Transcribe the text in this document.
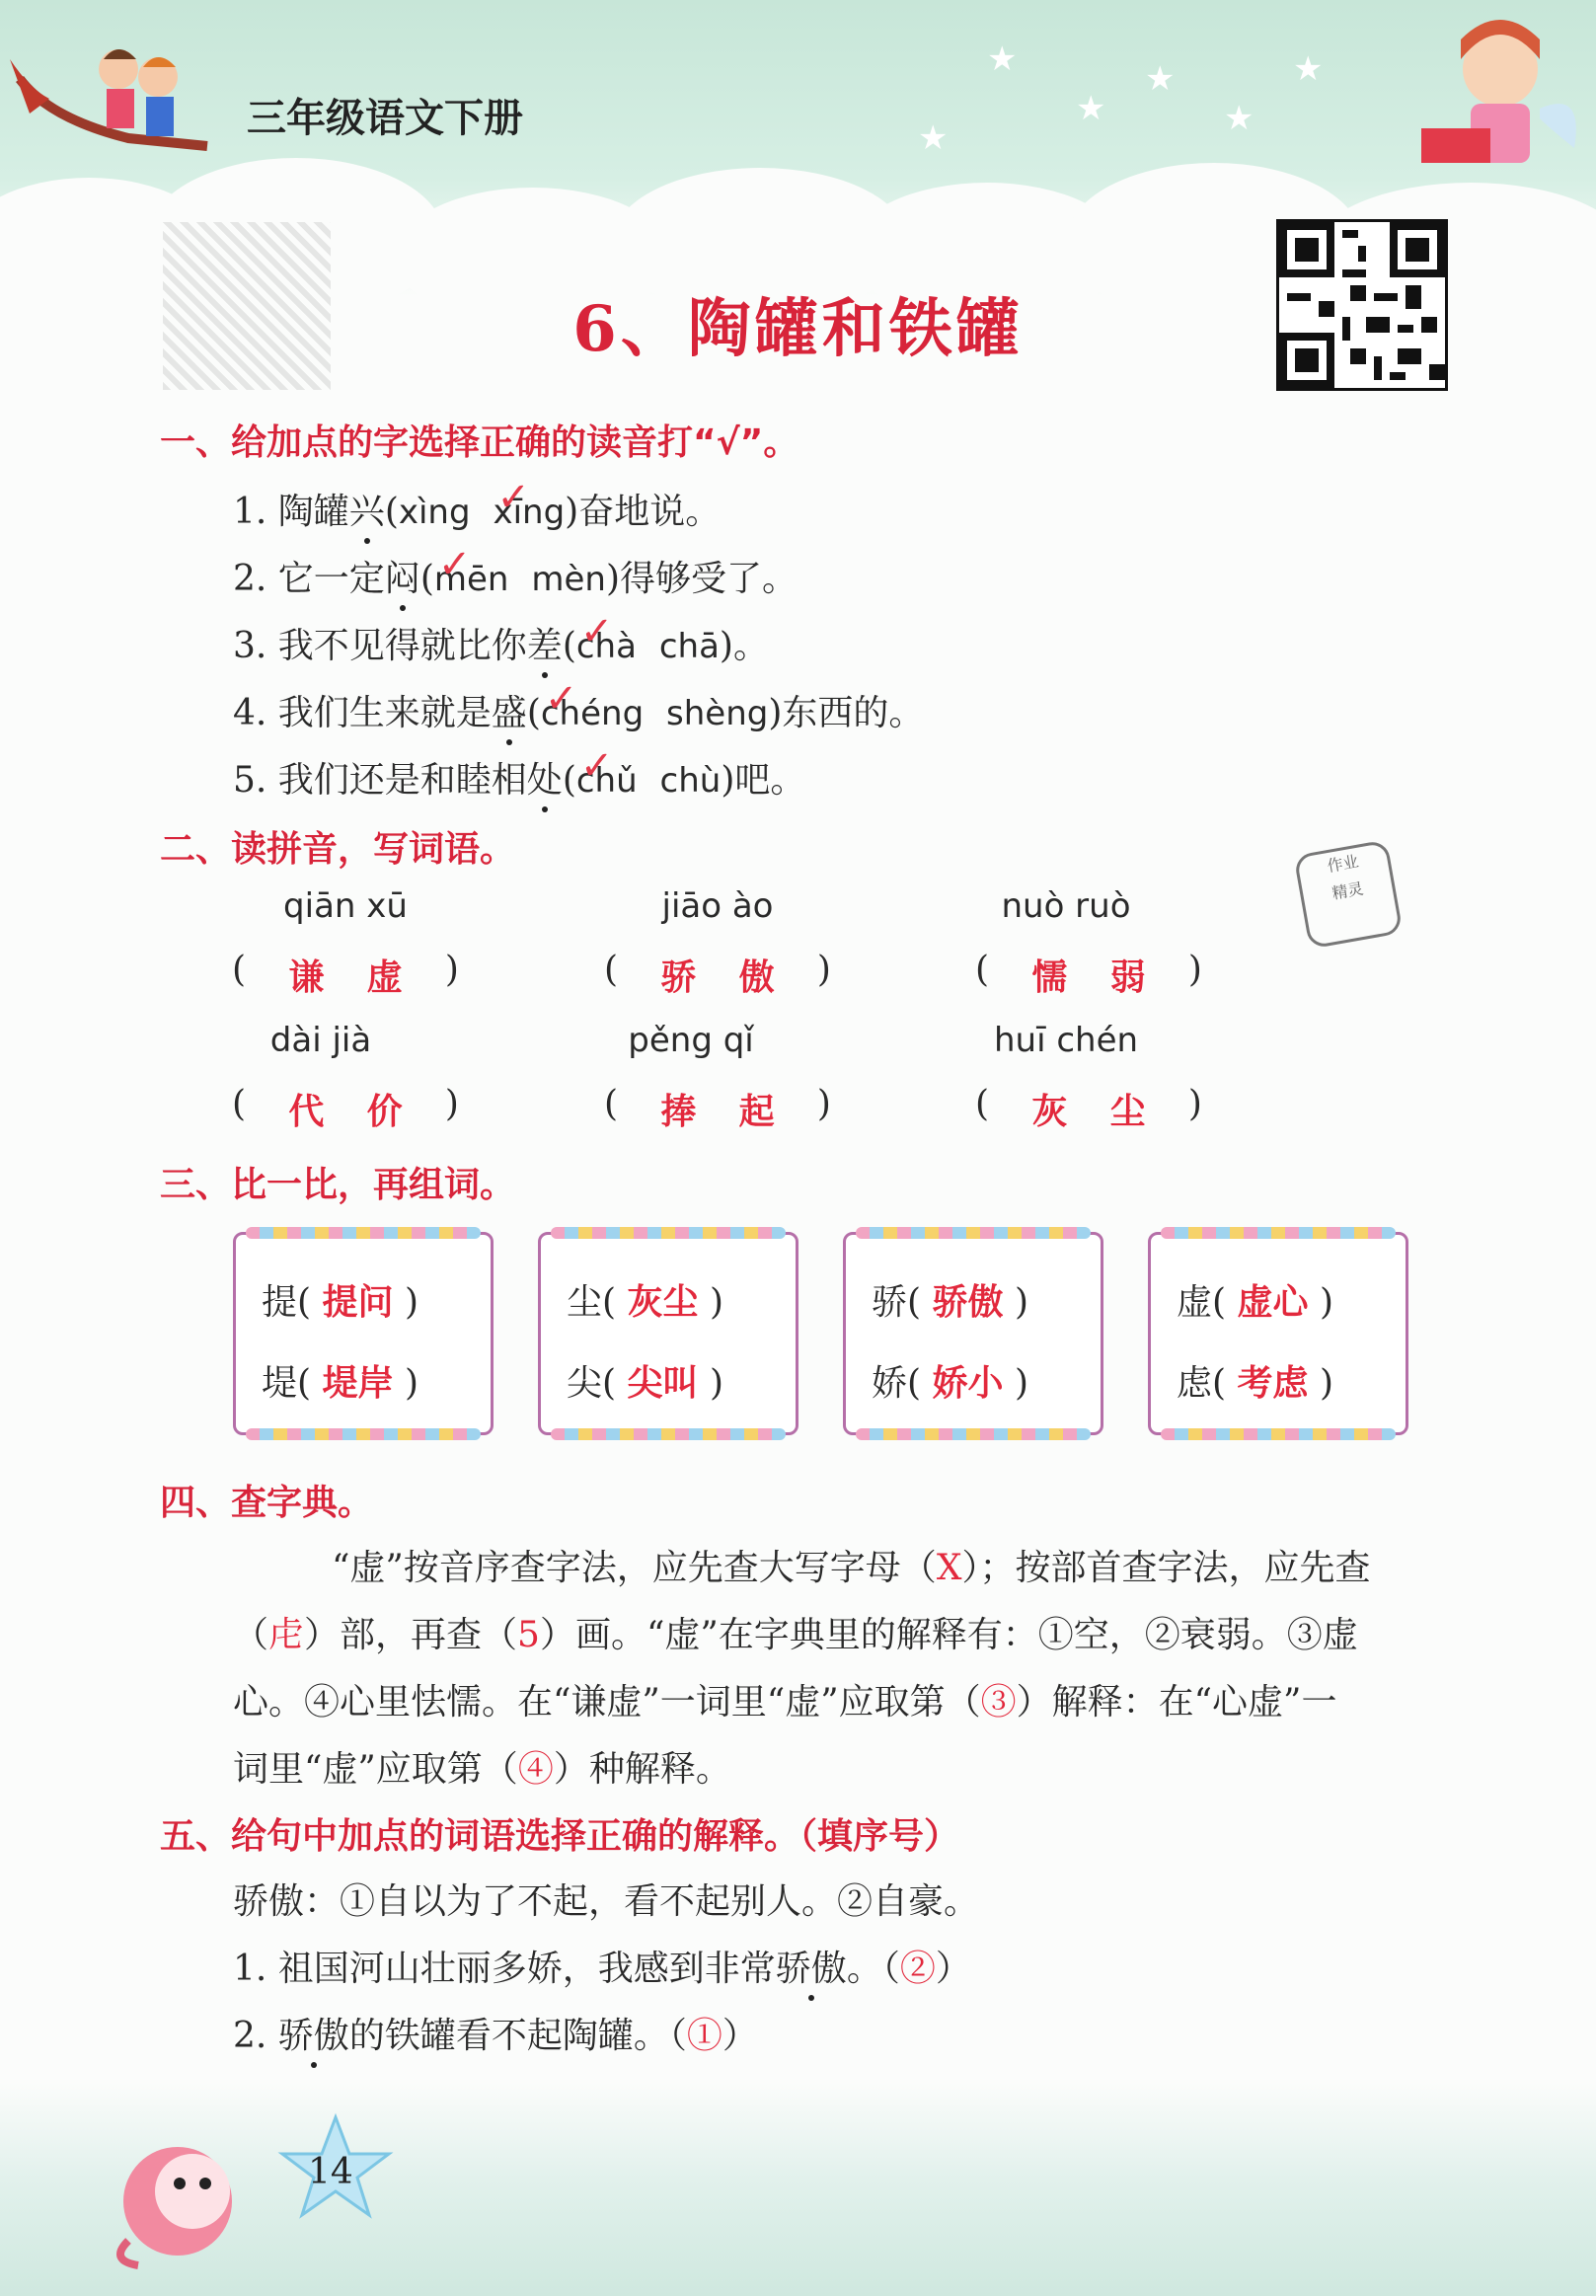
三年级语文下册
★
★
★
★
★
★
6、陶罐和铁罐
一、给加点的字选择正确的读音打“√”。
1. 陶罐兴(xìng  ✓ xīng)奋地说。
2. 它一定闷(✓ mēn mèn)得够受了。
3. 我不见得就比你差(✓ chà chā)。
4. 我们生来就是盛(✓ chéng shèng)东西的。
5. 我们还是和睦相处(✓ chǔ chù)吧。
二、读拼音，写词语。
qiān xū	jiāo ào	nuò ruò
( 谦 虚 )	( 骄 傲 )	( 懦 弱 )
dài jià	pěng qǐ	huī chén
( 代 价 )	( 捧 起 )	( 灰 尘 )
作业
精灵
三、比一比，再组词。
提( 提问 )
堤( 堤岸 )
尘( 灰尘 )
尖( 尖叫 )
骄( 骄傲 )
娇( 娇小 )
虚( 虚心 )
虑( 考虑 )
四、查字典。
“虚”按音序查字法，应先查大写字母（X）；按部首查字法，应先查
（虍）部，再查（5）画。“虚”在字典里的解释有：①空，②衰弱。③虚
心。④心里怯懦。在“谦虚”一词里“虚”应取第（③）解释：在“心虚”一
词里“虚”应取第（④）种解释。
五、给句中加点的词语选择正确的解释。（填序号）
骄傲：①自以为了不起，看不起别人。②自豪。
1. 祖国河山壮丽多娇，我感到非常骄傲。（②）
2. 骄傲的铁罐看不起陶罐。（①）
14
